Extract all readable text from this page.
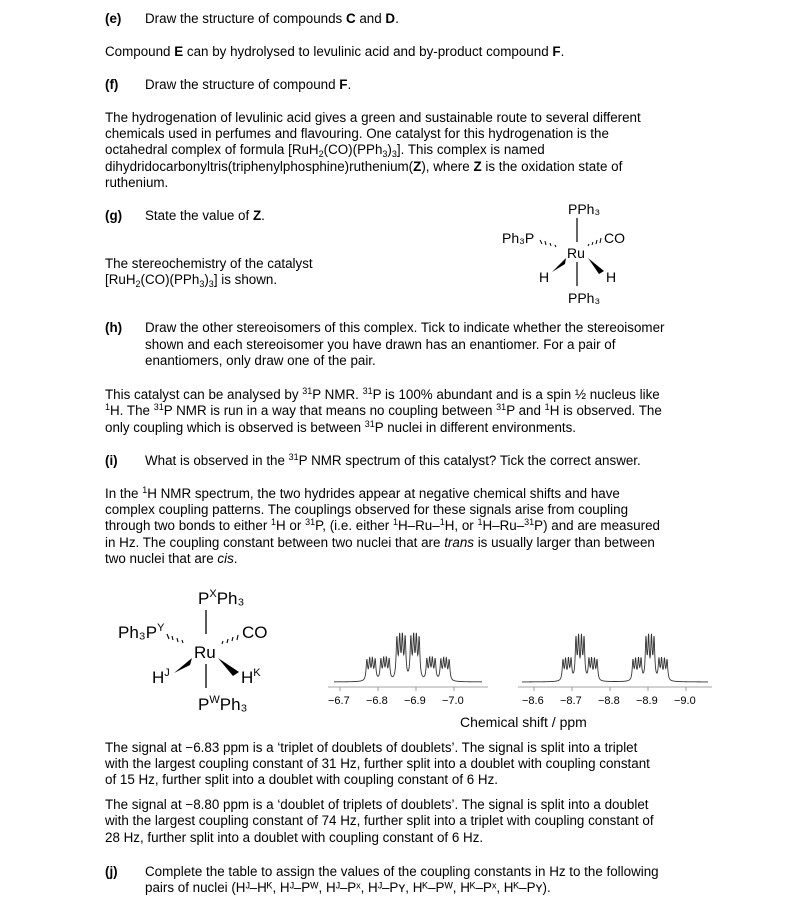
(e) Draw the structure of compounds C and D.
Compound E can by hydrolysed to levulinic acid and by-product compound F.
(f) Draw the structure of compound F.
The hydrogenation of levulinic acid gives a green and sustainable route to several different
chemicals used in perfumes and flavouring. One catalyst for this hydrogenation is the
octahedral complex of formula $[RuH_2(CO)(PPh_3)_3]$. This complex is named
dihydridocarbonyltris(triphenylphosphine)ruthenium(Z), where Z is the oxidation state of
ruthenium.
(g) State the value of Z.
The stereochemistry of the catalyst
$[RuH_2(CO)(PPh_3)_3]$ is shown.
PPh₃
Ph₃P
Ru
CO
H	H
PPh₃
(h) Draw the other stereoisomers of this complex. Tick to indicate whether the stereoisomer
shown and each stereoisomer you have drawn has an enantiomer. For a pair of
enantiomers, only draw one of the pair.
This catalyst can be analysed by $^{31}$P NMR. $^{31}$P is 100% abundant and is a spin ½ nucleus like
$^1$H. The $^{31}$P NMR is run in a way that means no coupling between $^{31}$P and $^1$H is observed. The
only coupling which is observed is between $^{31}$P nuclei in different environments.
(i) What is observed in the $^{31}$P NMR spectrum of this catalyst? Tick the correct answer.
In the $^1$H NMR spectrum, the two hydrides appear at negative chemical shifts and have
complex coupling patterns. The couplings observed for these signals arise from coupling
through two bonds to either $^1$H or $^{31}$P, (i.e. either $^1$H–Ru–$^1$H, or $^1$H–Ru–$^{31}$P) and are measured
in Hz. The coupling constant between two nuclei that are trans is usually larger than between
two nuclei that are cis.
$P^XPh_3$
$Ph_3P^Y$
Ru
CO
$H^J$	$H^K$
$P^WPh_3$	−6.7 −6.8 −6.9 −7.0	−8.6 −8.7 −8.8 −8.9 −9.0
Chemical shift / ppm
The signal at −6.83 ppm is a ‘triplet of doublets of doublets’. The signal is split into a triplet
with the largest coupling constant of 31 Hz, further split into a doublet with coupling constant
of 15 Hz, further split into a doublet with coupling constant of 6 Hz.
The signal at −8.80 ppm is a ‘doublet of triplets of doublets’. The signal is split into a doublet
with the largest coupling constant of 74 Hz, further split into a triplet with coupling constant of
28 Hz, further split into a doublet with coupling constant of 6 Hz.
(j) Complete the table to assign the values of the coupling constants in Hz to the following
pairs of nuclei (Hᴶ–Hᴷ, Hᴶ–Pᵂ, Hᴶ–Pˣ, Hᴶ–Pʏ, Hᴷ–Pᵂ, Hᴷ–Pˣ, Hᴷ–Pʏ).
